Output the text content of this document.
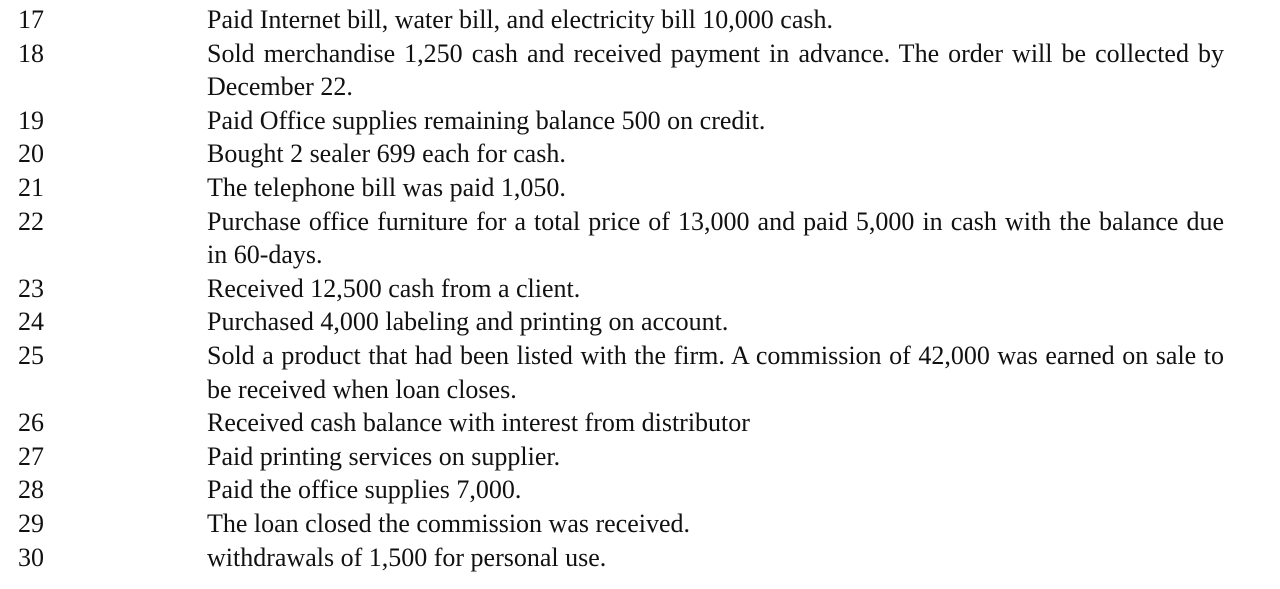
17	Paid Internet bill, water bill, and electricity bill 10,000 cash.
18	Sold merchandise 1,250 cash and received payment in advance. The order will be collected by December 22.
19	Paid Office supplies remaining balance 500 on credit.
20	Bought 2 sealer 699 each for cash.
21	The telephone bill was paid 1,050.
22	Purchase office furniture for a total price of 13,000 and paid 5,000 in cash with the balance due in 60-days.
23	Received 12,500 cash from a client.
24	Purchased 4,000 labeling and printing on account.
25	Sold a product that had been listed with the firm. A commission of 42,000 was earned on sale to be received when loan closes.
26	Received cash balance with interest from distributor
27	Paid printing services on supplier.
28	Paid the office supplies 7,000.
29	The loan closed the commission was received.
30	withdrawals of 1,500 for personal use.
